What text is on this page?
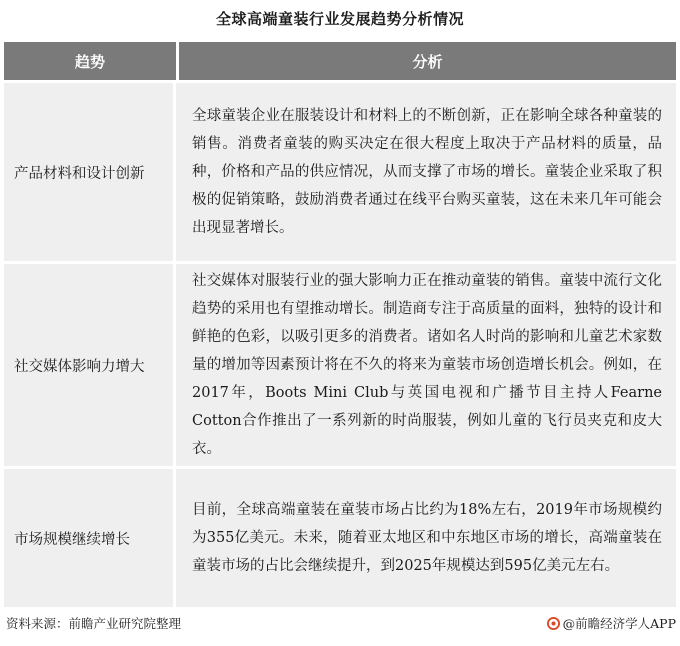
全球高端童装行业发展趋势分析情况
趋势	分析
产品材料和设计创新
全球童装企业在服装设计和材料上的不断创新，正在影响全球各种童装的销售。消费者童装的购买决定在很大程度上取决于产品材料的质量，品种，价格和产品的供应情况，从而支撑了市场的增长。童装企业采取了积极的促销策略，鼓励消费者通过在线平台购买童装，这在未来几年可能会出现显著增长。
社交媒体影响力增大
社交媒体对服装行业的强大影响力正在推动童装的销售。童装中流行文化趋势的采用也有望推动增长。制造商专注于高质量的面料，独特的设计和鲜艳的色彩，以吸引更多的消费者。诸如名人时尚的影响和儿童艺术家数量的增加等因素预计将在不久的将来为童装市场创造增长机会。例如，在2017年，Boots Mini Club与英国电视和广播节目主持人Fearne Cotton合作推出了一系列新的时尚服装，例如儿童的飞行员夹克和皮大衣。
市场规模继续增长
目前，全球高端童装在童装市场占比约为18%左右，2019年市场规模约为355亿美元。未来，随着亚太地区和中东地区市场的增长，高端童装在童装市场的占比会继续提升，到2025年规模达到595亿美元左右。
资料来源：前瞻产业研究院整理	@前瞻经济学人APP
